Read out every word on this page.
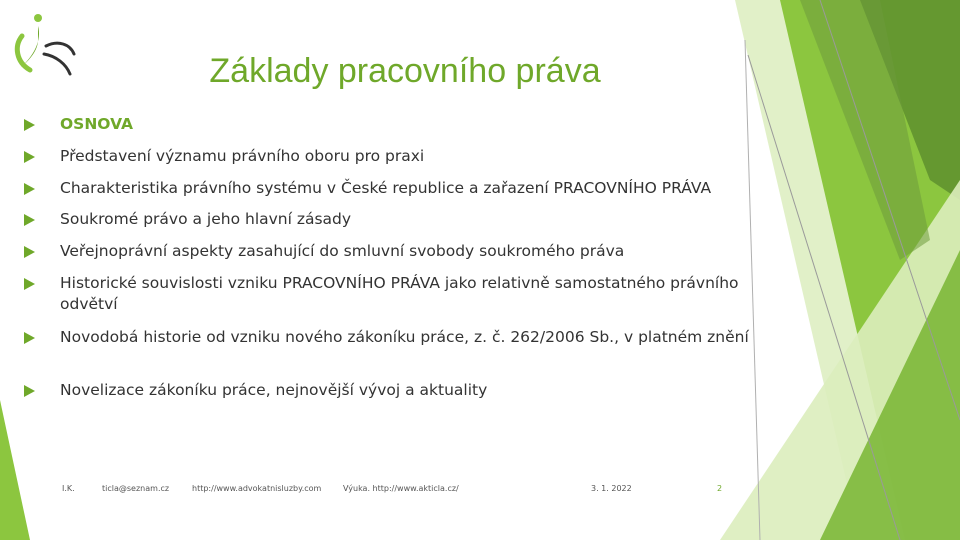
Základy pracovního práva
OSNOVA
Představení významu právního oboru pro praxi
Charakteristika právního systému v České republice a zařazení PRACOVNÍHO PRÁVA
Soukromé právo a jeho hlavní zásady
Veřejnoprávní aspekty zasahující do smluvní svobody soukromého práva
Historické souvislosti vzniku PRACOVNÍHO PRÁVA jako relativně samostatného právního odvětví
Novodobá historie od vzniku nového zákoníku práce, z. č. 262/2006 Sb., v platném znění
Novelizace zákoníku práce, nejnovější vývoj a aktuality
I.K.	ticla@seznam.cz	http://www.advokatnisluzby.com	Výuka. http://www.akticla.cz/	3. 1. 2022	2
